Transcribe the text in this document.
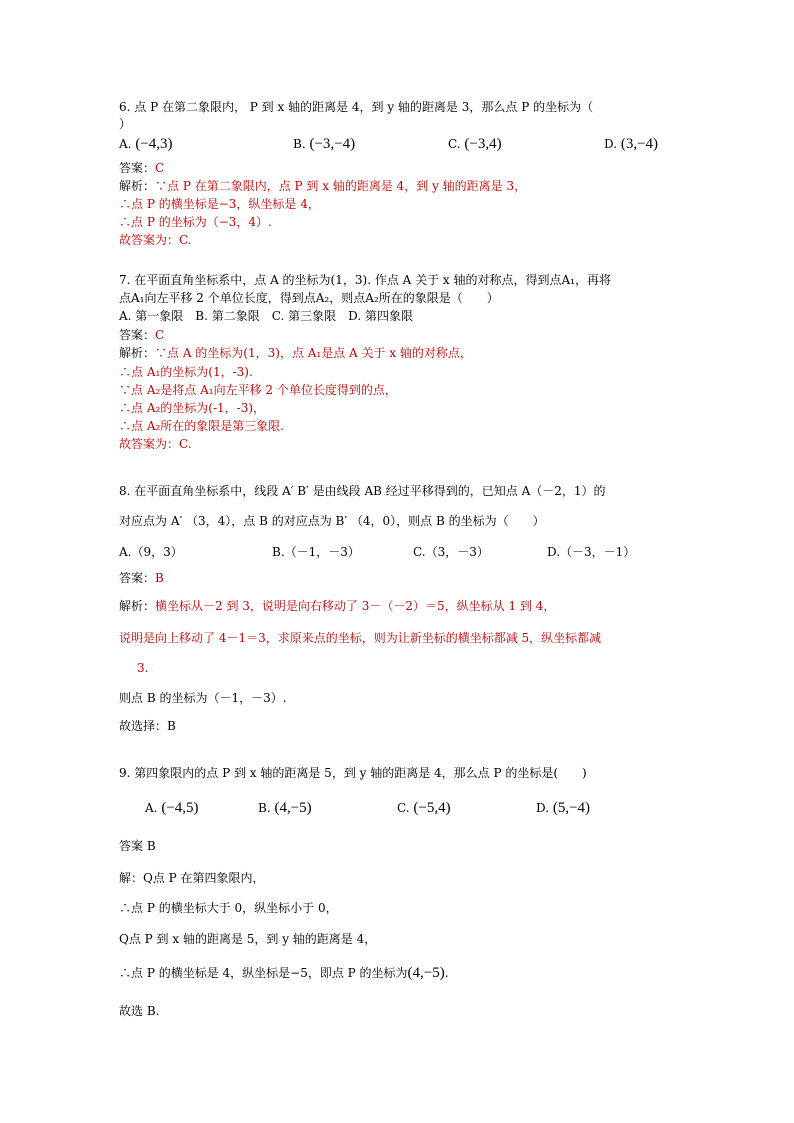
6. 点 P 在第二象限内， P 到 x 轴的距离是 4，到 y 轴的距离是 3，那么点 P 的坐标为（
）
A. (−4,3)	B. (−3,−4)	C. (−3,4)	D. (3,−4)
答案：C
解析：∵点 P 在第二象限内，点 P 到 x 轴的距离是 4，到 y 轴的距离是 3，
∴点 P 的横坐标是−3，纵坐标是 4，
∴点 P 的坐标为（−3，4）.
故答案为：C.
7. 在平面直角坐标系中，点 A 的坐标为(1，3). 作点 A 关于 x 轴的对称点，得到点A₁，再将
点A₁向左平移 2 个单位长度，得到点A₂，则点A₂所在的象限是（　　）
A. 第一象限　B. 第二象限　C. 第三象限　D. 第四象限
答案：C
解析：∵点 A 的坐标为(1，3)，点 A₁是点 A 关于 x 轴的对称点，
∴点 A₁的坐标为(1，-3).
∵点 A₂是将点 A₁向左平移 2 个单位长度得到的点，
∴点 A₂的坐标为(-1，-3)，
∴点 A₂所在的象限是第三象限.
故答案为：C.
8. 在平面直角坐标系中，线段 A′ B′ 是由线段 AB 经过平移得到的，已知点 A（－2，1）的
对应点为 A′ （3，4），点 B 的对应点为 B′ （4，0），则点 B 的坐标为（　　）
A.（9，3）	B.（－1，－3）	C.（3，－3）	D.（－3，－1）
答案：B
解析：横坐标从－2 到 3，说明是向右移动了 3－（－2）＝5，纵坐标从 1 到 4，
说明是向上移动了 4－1＝3，求原来点的坐标，则为让新坐标的横坐标都减 5，纵坐标都减
3.
则点 B 的坐标为（－1，－3）.
故选择：B
9. 第四象限内的点 P 到 x 轴的距离是 5，到 y 轴的距离是 4，那么点 P 的坐标是(　　)
A. (−4,5)	B. (4,−5)	C. (−5,4)	D. (5,−4)
答案 B
解：Q点 P 在第四象限内，
∴点 P 的横坐标大于 0，纵坐标小于 0，
Q点 P 到 x 轴的距离是 5，到 y 轴的距离是 4，
∴点 P 的横坐标是 4，纵坐标是−5，即点 P 的坐标为(4,−5).
故选 B.
